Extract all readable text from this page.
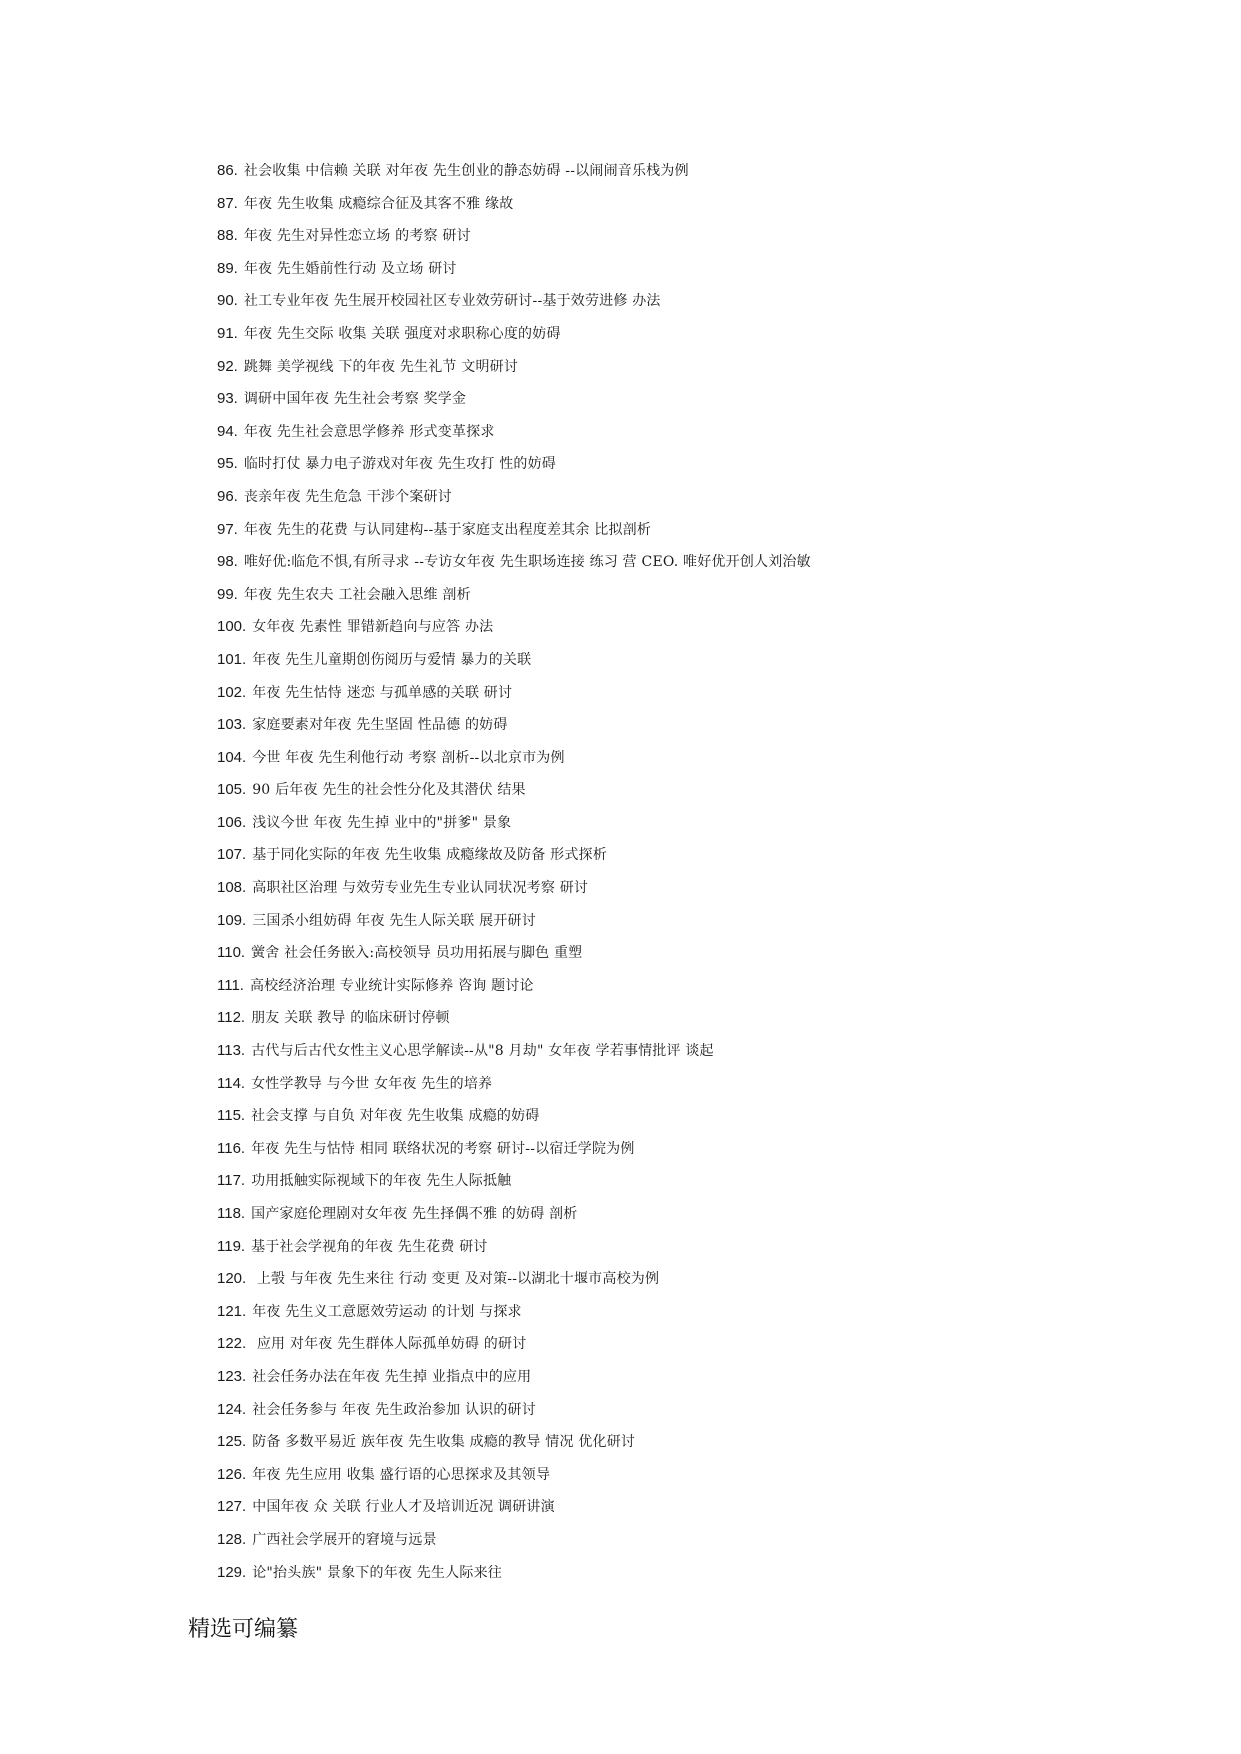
86. 社会收集 中信赖 关联 对年夜 先生创业的静态妨碍 --以闹闹音乐栈为例
87. 年夜 先生收集 成瘾综合征及其客不雅 缘故
88. 年夜 先生对异性恋立场 的考察 研讨
89. 年夜 先生婚前性行动 及立场 研讨
90. 社工专业年夜 先生展开校园社区专业效劳研讨--基于效劳进修 办法
91. 年夜 先生交际 收集 关联 强度对求职称心度的妨碍
92. 跳舞 美学视线 下的年夜 先生礼节 文明研讨
93. 调研中国年夜 先生社会考察 奖学金
94. 年夜 先生社会意思学修养 形式变革探求
95. 临时打仗 暴力电子游戏对年夜 先生攻打 性的妨碍
96. 丧亲年夜 先生危急 干涉个案研讨
97. 年夜 先生的花费 与认同建构--基于家庭支出程度差其余 比拟剖析
98. 唯好优:临危不惧,有所寻求 --专访女年夜 先生职场连接 练习 营 CEO. 唯好优开创人刘治敏
99. 年夜 先生农夫 工社会融入思维 剖析
100. 女年夜 先素性 罪错新趋向与应答 办法
101. 年夜 先生儿童期创伤阅历与爱情 暴力的关联
102. 年夜 先生怙恃 迷恋 与孤单感的关联 研讨
103. 家庭要素对年夜 先生坚固 性品德 的妨碍
104. 今世 年夜 先生利他行动 考察 剖析--以北京市为例
105. 90 后年夜 先生的社会性分化及其潜伏 结果
106. 浅议今世 年夜 先生掉 业中的"拼爹" 景象
107. 基于同化实际的年夜 先生收集 成瘾缘故及防备 形式探析
108. 高职社区治理 与效劳专业先生专业认同状况考察 研讨
109. 三国杀小组妨碍 年夜 先生人际关联 展开研讨
110. 黉舍 社会任务嵌入:高校领导 员功用拓展与脚色 重塑
111. 高校经济治理 专业统计实际修养 咨询 题讨论
112. 朋友 关联 教导 的临床研讨停顿
113. 古代与后古代女性主义心思学解读--从"8 月劫" 女年夜 学若事情批评 谈起
114. 女性学教导 与今世 女年夜 先生的培养
115. 社会支撑 与自负 对年夜 先生收集 成瘾的妨碍
116. 年夜 先生与怙恃 相同 联络状况的考察 研讨--以宿迁学院为例
117. 功用抵触实际视域下的年夜 先生人际抵触
118. 国产家庭伦理剧对女年夜 先生择偶不雅 的妨碍 剖析
119. 基于社会学视角的年夜 先生花费 研讨
120. 上彀 与年夜 先生来往 行动 变更 及对策--以湖北十堰市高校为例
121. 年夜 先生义工意愿效劳运动 的计划 与探求
122. 应用 对年夜 先生群体人际孤单妨碍 的研讨
123. 社会任务办法在年夜 先生掉 业指点中的应用
124. 社会任务参与 年夜 先生政治参加 认识的研讨
125. 防备 多数平易近 族年夜 先生收集 成瘾的教导 情况 优化研讨
126. 年夜 先生应用 收集 盛行语的心思探求及其领导
127. 中国年夜 众 关联 行业人才及培训近况 调研讲演
128. 广西社会学展开的窘境与远景
129. 论"抬头族" 景象下的年夜 先生人际来往
精选可编纂
